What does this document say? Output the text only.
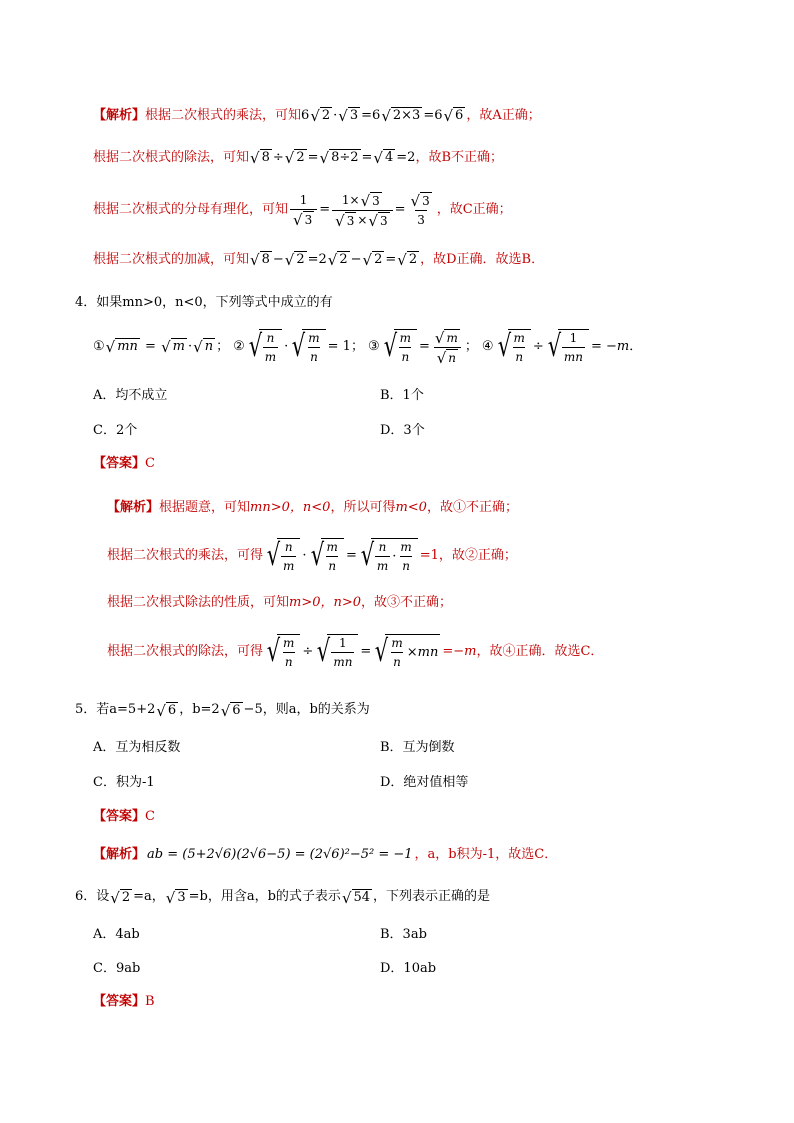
【解析】 根据二次根式的乘法，可知 6 √ 2 · √ 3 =6 √ 2×3 =6 √ 6 ，故A正确；
根据二次根式的除法，可知 √ 8 ÷ √ 2 = √ 8÷2 = √ 4 =2 ，故B不正确；
根据二次根式的分母有理化，可知 $\frac{1}{√ 3} = \frac{1\times √ 3}{√ 3 \times √ 3} = \frac{√ 3}{3}$ ，故C正确；
根据二次根式的加减，可知 √ 8 − √ 2 =2 √ 2 − √ 2 = √ 2 ，故D正确．故选B．
4． 如果mn>0，n<0，下列等式中成立的有
① √ mn = √ m · √ n ； ② √ $\frac{n}{m}$ · √ $\frac{m}{n} = 1$； ③ √ $\frac{m}{n} = \frac{√ m}{√ n}$ ； ④ √ $\frac{m}{n}$ ÷ √ $\frac{1}{mn}$ = − m ．
A．均不成立	B．1个
C．2个	D．3个
【答案】 C
【解析】 根据题意，可知 mn>0，n<0 ，所以可得 m<0 ，故①不正确；
根据二次根式的乘法，可得 √ $\frac{n}{m}$ · √ $\frac{m}{n}$ = √ $\frac{n}{m} \cdot \frac{m}{n} =1$，故②正确；
根据二次根式除法的性质，可知 m>0，n>0 ，故③不正确；
根据二次根式的除法，可得 √ $\frac{m}{n}$ ÷ √ $\frac{1}{mn}$ = √ $\frac{m}{n}$ × mn =−m ，故④正确．故选C．
5． 若a=5+2 √ 6 ，b=2 √ 6 −5，则a，b的关系为
A．互为相反数	B．互为倒数
C．积为-1	D．绝对值相等
【答案】 C
【解析】 ab = (5+2√6)(2√6−5) = (2√6)²−5² = −1 ，a，b积为-1，故选C．
6． 设 √ 2 =a， √ 3 =b，用含a，b的式子表示 √ 54 ，下列表示正确的是
A．4ab	B．3ab
C．9ab	D．10ab
【答案】 B
